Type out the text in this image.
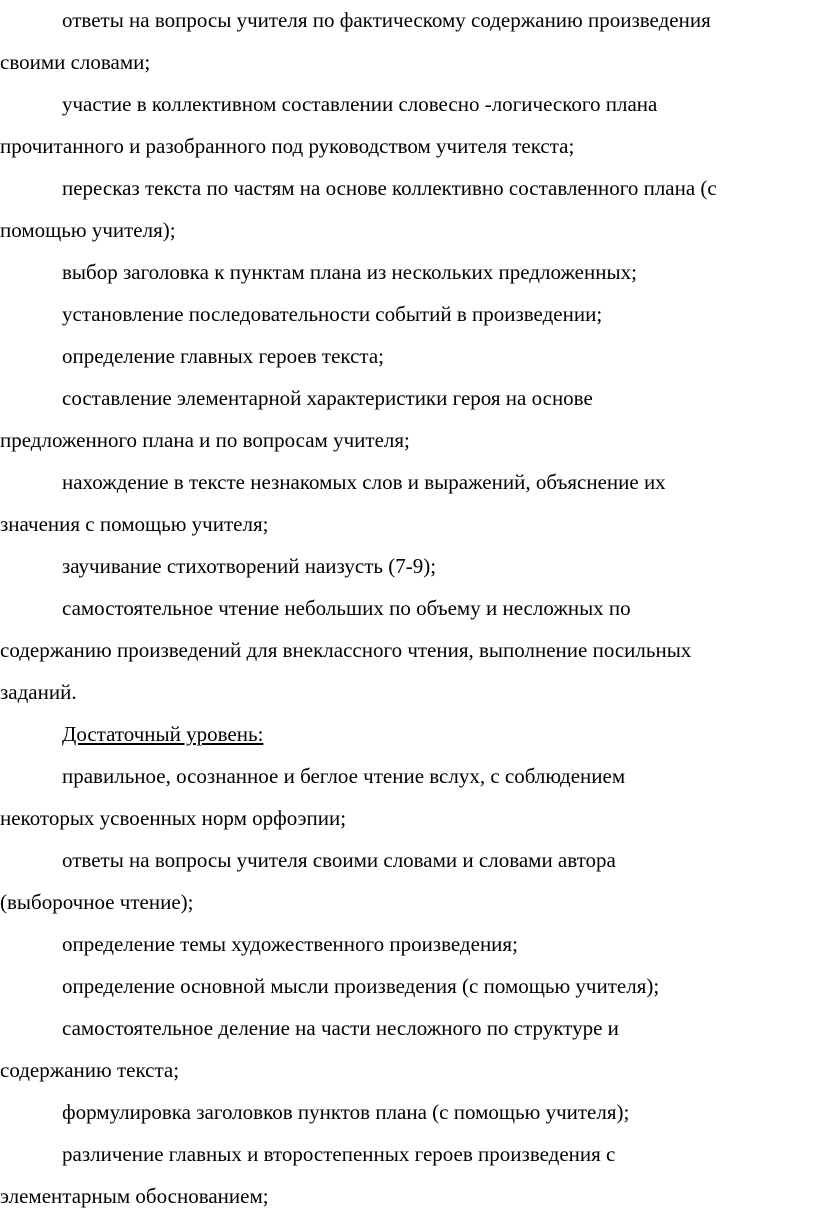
ответы на вопросы учителя по фактическому содержанию произведения
своими словами;
участие в коллективном составлении словесно -логического плана
прочитанного и разобранного под руководством учителя текста;
пересказ текста по частям на основе коллективно составленного плана (с
помощью учителя);
выбор заголовка к пунктам плана из нескольких предложенных;
установление последовательности событий в произведении;
определение главных героев текста;
составление элементарной характеристики героя на основе
предложенного плана и по вопросам учителя;
нахождение в тексте незнакомых слов и выражений, объяснение их
значения с помощью учителя;
заучивание стихотворений наизусть (7-9);
самостоятельное чтение небольших по объему и несложных по
содержанию произведений для внеклассного чтения, выполнение посильных
заданий.
Достаточный уровень:
правильное, осознанное и беглое чтение вслух, с соблюдением
некоторых усвоенных норм орфоэпии;
ответы на вопросы учителя своими словами и словами автора
(выборочное чтение);
определение темы художественного произведения;
определение основной мысли произведения (с помощью учителя);
самостоятельное деление на части несложного по структуре и
содержанию текста;
формулировка заголовков пунктов плана (с помощью учителя);
различение главных и второстепенных героев произведения с
элементарным обоснованием;
